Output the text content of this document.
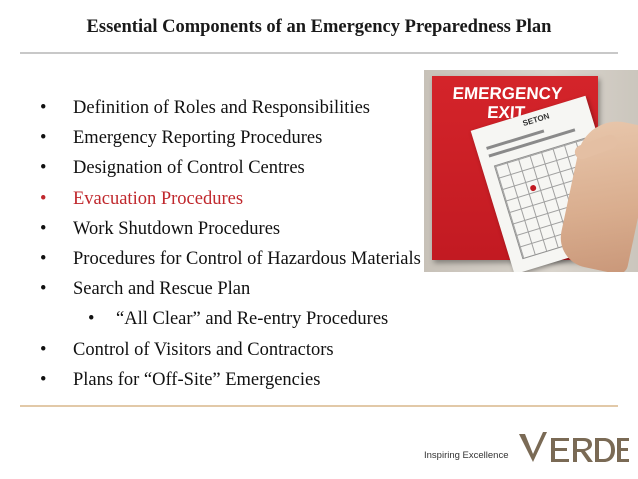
Essential Components of an Emergency Preparedness Plan
EMERGENCY
EXIT
SETON
• Definition of Roles and Responsibilities
• Emergency Reporting Procedures
• Designation of Control Centres
• Evacuation Procedures
• Work Shutdown Procedures
• Procedures for Control of Hazardous Materials
• Search and Rescue Plan
• “All Clear” and Re-entry Procedures
• Control of Visitors and Contractors
• Plans for “Off-Site” Emergencies
Inspiring Excellence
